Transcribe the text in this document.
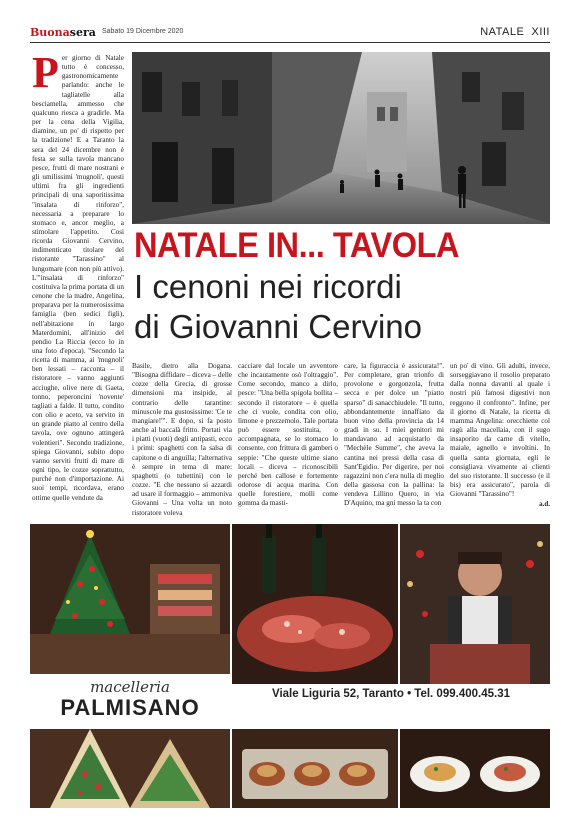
Buonasera Sabato 19 Dicembre 2020	NATALE XIII
Per giorno di Natale tutto è concesso, gastronomicamente parlando: anche le tagliatelle alla besciamella, ammesso che qualcuno riesca a gradirle. Ma per la cena della Vigilia, diamine, un po' di rispetto per la tradizione! E a Taranto la sera del 24 dicembre non è festa se sulla tavola mancano pesce, frutti di mare nostrani e gli umilissimi 'mugnoli', questi ultimi fra gli ingredienti principali di una saporitissima "insalata di rinforzo", necessaria a preparare lo stomaco e, ancor meglio, a stimolare l'appetito. Così ricorda Giovanni Cervino, indimenticato titolare del ristorante "Tarassino" al lungomare (con non più attivo). L'"insalata di rinforzo" costituiva la prima portata di un cenone che la madre, Angelina, preparava per la numerosissima famiglia (ben sedici figli), nell'abitazione in largo Materdomini, all'inizio del pendio La Riccia (ecco lo in una foto d'epoca). "Secondo la ricetta di mamma, ai 'mugnoli' ben lessati – racconta – il ristoratore – vanno aggiunti acciughe, olive nere di Gaeta, tonno, peperoncini 'novente' tagliati a falde. Il tutto, condito con olio e aceto, va servito in un grande piatto al centro della tavola, ove ognuno attingerà volentieri". Secondo tradizione, spiega Giovanni, subito dopo vanno serviti frutti di mare di ogni tipo, le cozze soprattutto, purché non d'importazione. Ai suoi tempi, ricordava, erano ottime quelle vendute da
NATALE IN... TAVOLA
I cenoni nei ricordi
di Giovanni Cervino
Basile, dietro alla Dogana. "Bisogna diffidare – diceva – delle cozze della Grecia, di grosse dimensioni ma insipide, al contrario delle tarantine: minuscole ma gustosissime: 'Ce te mangiare!'". E dopo, si fa posto anche al baccalà fritto. Portati via i piatti (vuoti) degli antipasti, ecco i primi: spaghetti con la salsa di capitone o di anguilla; l'alternativa è sempre in tema di mare: spaghetti (o tubettini) con le cozze. "E che nessuno si azzardi ad usare il formaggio – ammoniva Giovanni – Una volta un noto ristoratore voleva
cacciare dal locale un avventore che incautamente osò l'oltraggio". Come secondo, manco a dirlo, pesce: "Una bella spigola bollita – secondo il ristoratore – è quella che ci vuole, condita con olio, limone e prezzemolo. Tale portata può essere sostituita, o accompagnata, se lo stomaco lo consente, con frittura di gamberi o seppie: "Che queste ultime siano locali – diceva – riconoscibili perché ben callose e fortemente odorose di acqua marina. Con quelle forestiere, molli come gomma da masti-
care, la figuraccia è assicurata!". Per completare, gran trionfo di provolone e gorgonzola, frutta secca e per dolce un "piatto sparso" di sanacchiudele. "Il tutto, abbondantemente innaffiato da buon vino della provincia da 14 gradi in su. I miei genitori mi mandavano ad acquistarlo da "Mechèle Summe", che aveva la cantina nei pressi della casa di Sant'Egidio. Per digerire, per noi ragazzini non c'era nulla di meglio della gassosa con la pallina: la vendeva Lillino Quero, in via D'Aquino, ma gni messo la ta con
un po' di vino. Gli adulti, invece, sorseggiavano il rosolio preparato dalla nonna davanti al quale i nostri più famosi digestivi non reggono il confronto". Infine, per il giorno di Natale, la ricetta di mamma Angelina: orecchiette col ragù alla macellaia, con il sugo insaporito da carne di vitello, maiale, agnello e involtini. In quella santa giornata, egli le consigliava vivamente ai clienti del suo ristorante. Il successo (e il bis) era assicurato", parola di Giovanni "Tarassino"!
a.d.
macelleria
PALMISANO
Viale Liguria 52, Taranto • Tel. 099.400.45.31
